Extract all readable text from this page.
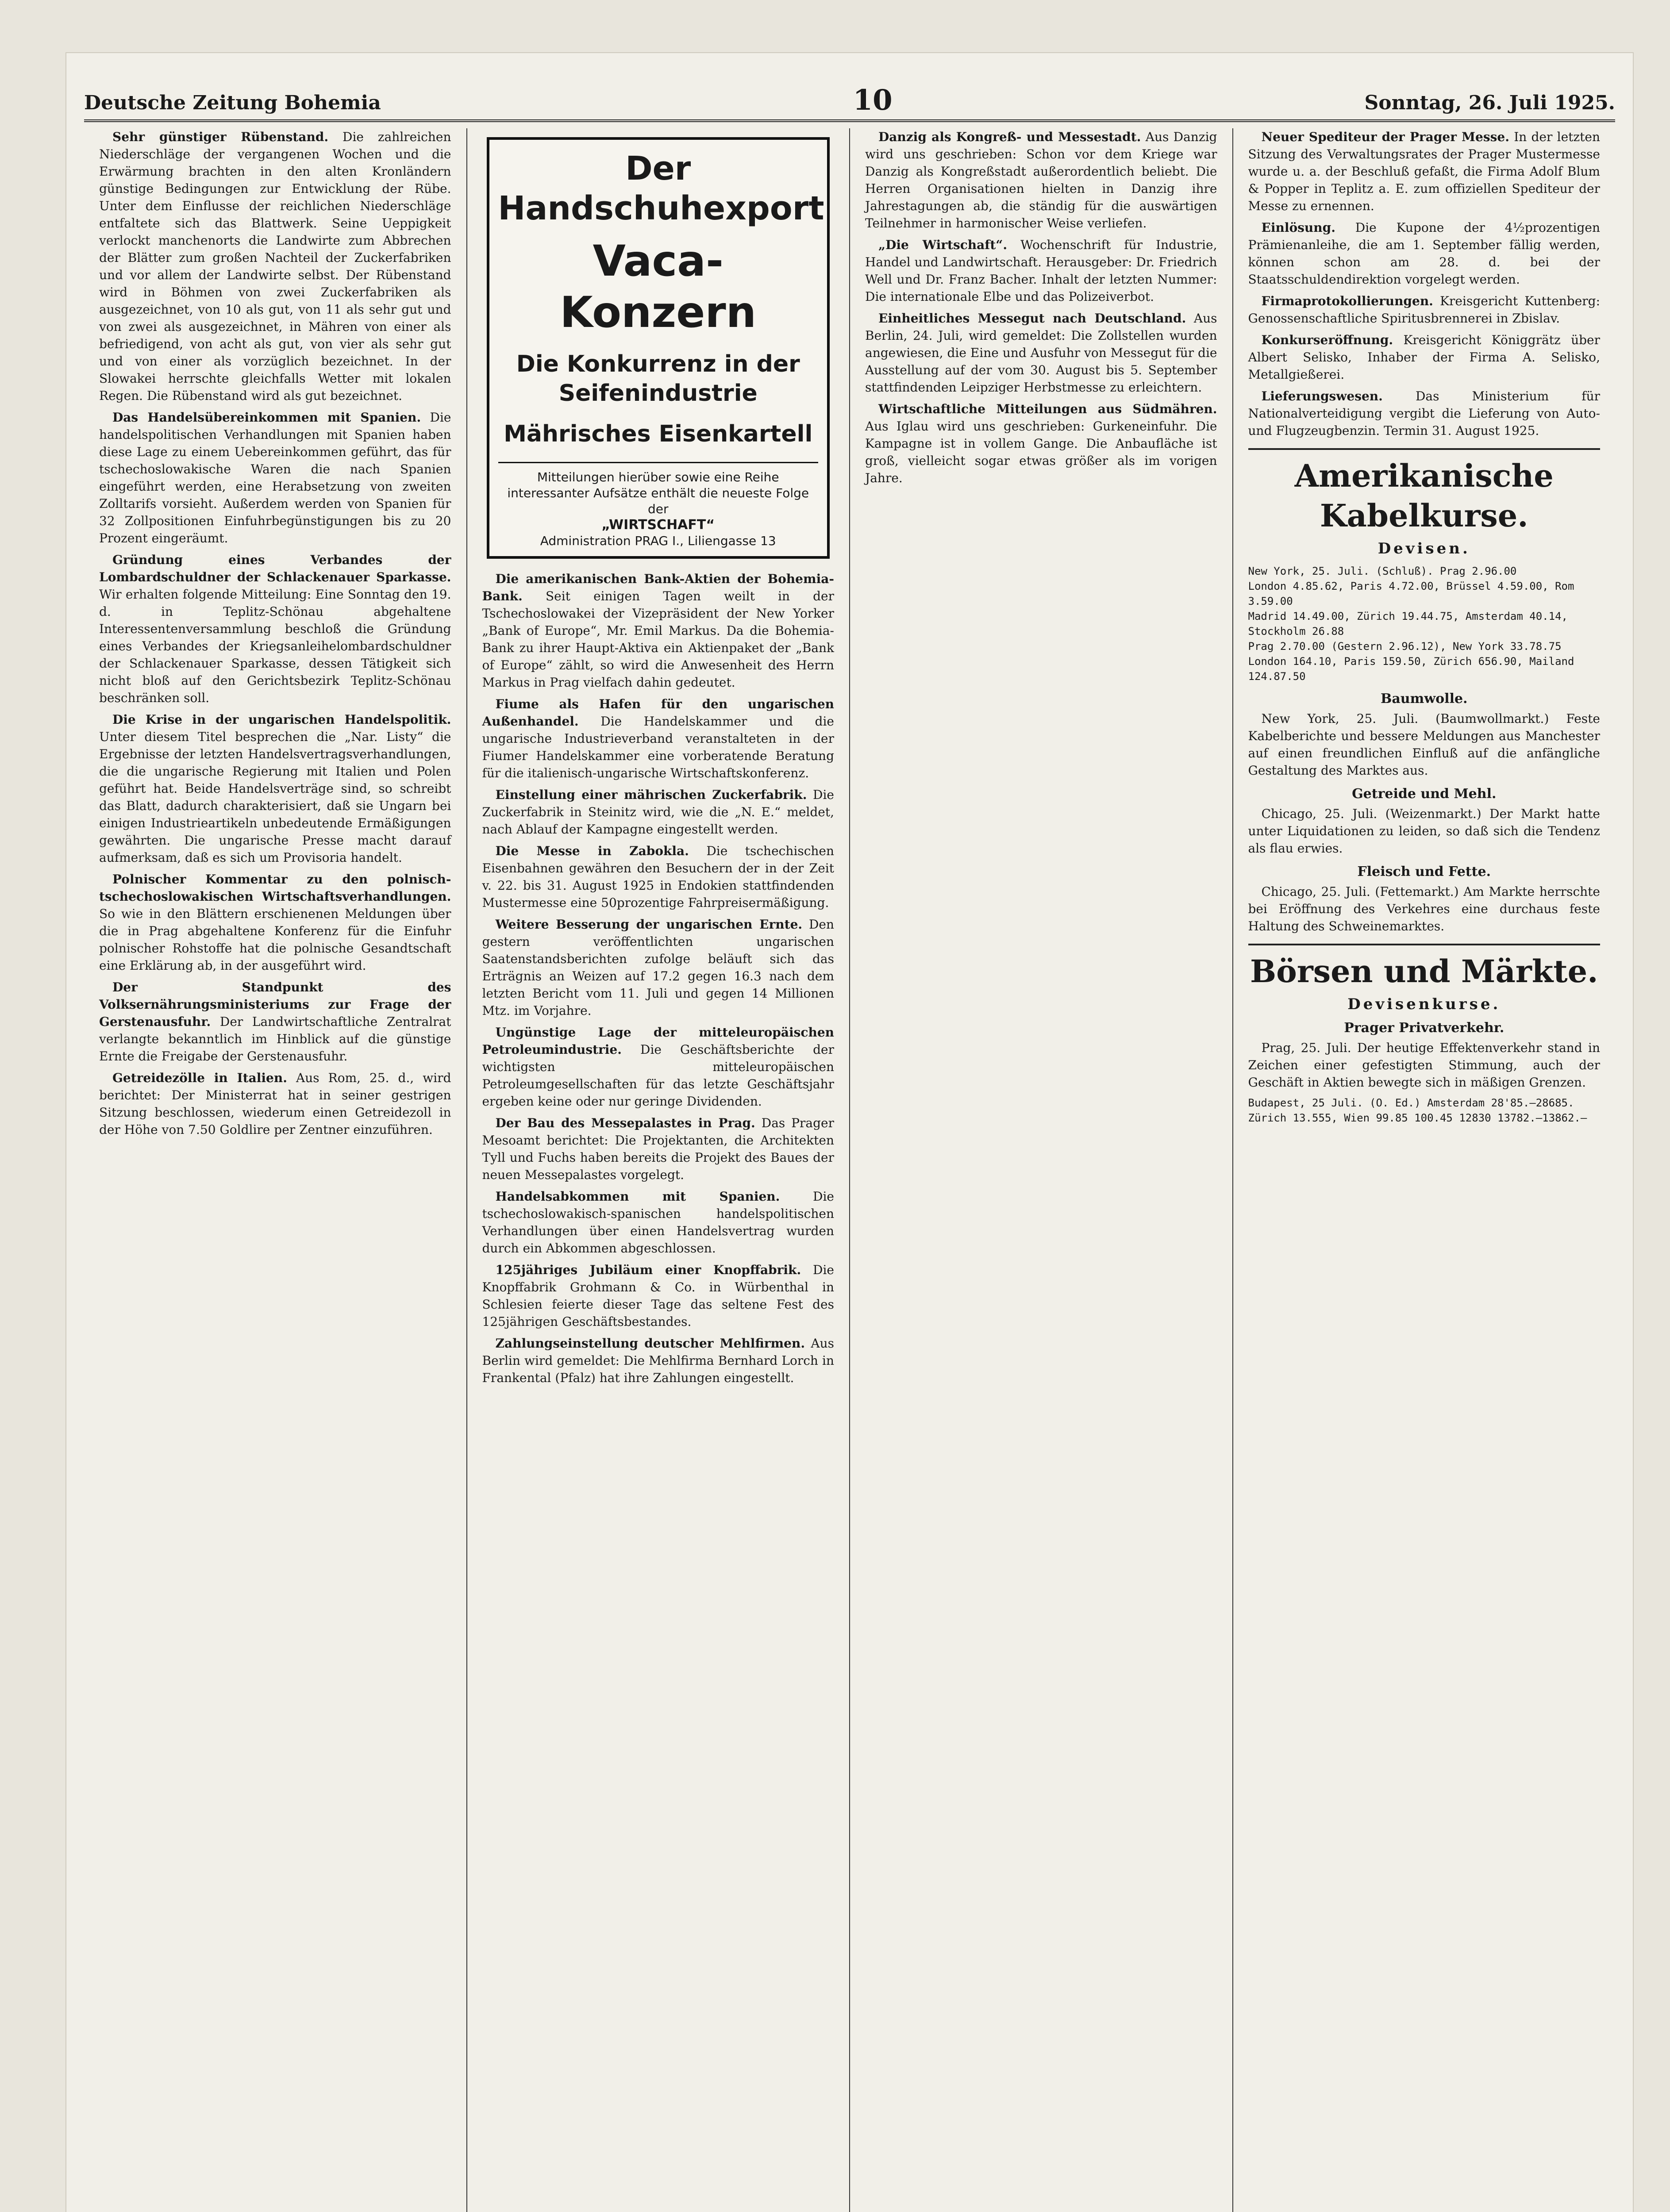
Deutsche Zeitung Bohemia	10	Sonntag, 26. Juli 1925.

Sehr günstiger Rübenstand. Die zahlreichen Niederschläge der vergangenen Wochen und die Erwärmung brachten in den alten Kronländern günstige Bedingungen zur Entwicklung der Rübe. Unter dem Einflusse der reichlichen Niederschläge entfaltete sich das Blattwerk. Seine Ueppigkeit verlockt manchenorts die Landwirte zum Abbrechen der Blätter zum großen Nachteil der Zuckerfabriken und vor allem der Landwirte selbst. Der Rübenstand wird in Böhmen von zwei Zuckerfabriken als ausgezeichnet, von 10 als gut, von 11 als sehr gut und von zwei als ausgezeichnet, in Mähren von einer als befriedigend, von acht als gut, von vier als sehr gut und von einer als vorzüglich bezeichnet. In der Slowakei herrschte gleichfalls Wetter mit lokalen Regen. Die Rübenstand wird als gut bezeichnet.

Das Handelsübereinkommen mit Spanien. Die handelspolitischen Verhandlungen mit Spanien haben diese Lage zu einem Uebereinkommen geführt, das für tschechoslowakische Waren die nach Spanien eingeführt werden, eine Herabsetzung von zweiten Zolltarifs vorsieht. Außerdem werden von Spanien für 32 Zollpositionen Einfuhrbegünstigungen bis zu 20 Prozent eingeräumt.

Gründung eines Verbandes der Lombardschuldner der Schlackenauer Sparkasse. Wir erhalten folgende Mitteilung: Eine Sonntag den 19. d. in Teplitz-Schönau abgehaltene Interessentenversammlung beschloß die Gründung eines Verbandes der Kriegsanleihelombardschuldner der Schlackenauer Sparkasse, dessen Tätigkeit sich nicht bloß auf den Gerichtsbezirk Teplitz-Schönau beschränken soll.

Die Krise in der ungarischen Handelspolitik. Unter diesem Titel besprechen die „Nar. Listy“ die Ergebnisse der letzten Handelsvertragsverhandlungen, die die ungarische Regierung mit Italien und Polen geführt hat. Beide Handelsverträge sind, so schreibt das Blatt, dadurch charakterisiert, daß sie Ungarn bei einigen Industrieartikeln unbedeutende Ermäßigungen gewährten. Die ungarische Presse macht darauf aufmerksam, daß es sich um Provisoria handelt.

Polnischer Kommentar zu den polnisch-tschechoslowakischen Wirtschaftsverhandlungen. So wie in den Blättern erschienenen Meldungen über die in Prag abgehaltene Konferenz für die Einfuhr polnischer Rohstoffe hat die polnische Gesandtschaft eine Erklärung ab, in der ausgeführt wird.

Der Standpunkt des Volksernährungsministeriums zur Frage der Gerstenausfuhr. Der Landwirtschaftliche Zentralrat verlangte bekanntlich im Hinblick auf die günstige Ernte die Freigabe der Gerstenausfuhr.

Getreidezölle in Italien. Aus Rom, 25. d., wird berichtet: Der Ministerrat hat in seiner gestrigen Sitzung beschlossen, wiederum einen Getreidezoll in der Höhe von 7.50 Goldlire per Zentner einzuführen.

Der Handschuhexport
Vaca-Konzern
Die Konkurrenz in der Seifenindustrie
Mährisches Eisenkartell
Mitteilungen hierüber sowie eine Reihe interessanter Aufsätze enthält die neueste Folge der
„WIRTSCHAFT“
Administration PRAG I., Liliengasse 13

Die amerikanischen Bank-Aktien der Bohemia-Bank. Seit einigen Tagen weilt in der Tschechoslowakei der Vizepräsident der New Yorker „Bank of Europe“, Mr. Emil Markus. Da die Bohemia-Bank zu ihrer Haupt-Aktiva ein Aktienpaket der „Bank of Europe“ zählt, so wird die Anwesenheit des Herrn Markus in Prag vielfach dahin gedeutet.

Fiume als Hafen für den ungarischen Außenhandel. Die Handelskammer und die ungarische Industrieverband veranstalteten in der Fiumer Handelskammer eine vorberatende Beratung für die italienisch-ungarische Wirtschaftskonferenz.

Einstellung einer mährischen Zuckerfabrik. Die Zuckerfabrik in Steinitz wird, wie die „N. E.“ meldet, nach Ablauf der Kampagne eingestellt werden.

Die Messe in Zabokla. Die tschechischen Eisenbahnen gewähren den Besuchern der in der Zeit v. 22. bis 31. August 1925 in Endokien stattfindenden Mustermesse eine 50prozentige Fahrpreisermäßigung.

Weitere Besserung der ungarischen Ernte. Den gestern veröffentlichten ungarischen Saatenstandsberichten zufolge beläuft sich das Erträgnis an Weizen auf 17.2 gegen 16.3 nach dem letzten Bericht vom 11. Juli und gegen 14 Millionen Mtz. im Vorjahre.

Ungünstige Lage der mitteleuropäischen Petroleumindustrie. Die Geschäftsberichte der wichtigsten mitteleuropäischen Petroleumgesellschaften für das letzte Geschäftsjahr ergeben keine oder nur geringe Dividenden.

Der Bau des Messepalastes in Prag. Das Prager Mesoamt berichtet: Die Projektanten, die Architekten Tyll und Fuchs haben bereits die Projekt des Baues der neuen Messepalastes vorgelegt.

Handelsabkommen mit Spanien.	Die tschechoslowakisch-spanischen handelspolitischen Verhandlungen über einen Handelsvertrag wurden durch ein Abkommen abgeschlossen.

125jähriges Jubiläum einer Knopffabrik. Die Knopffabrik Grohmann & Co. in Würbenthal in Schlesien feierte dieser Tage das seltene Fest des 125jährigen Geschäftsbestandes.

Zahlungseinstellung deutscher Mehlfirmen. Aus Berlin wird gemeldet: Die Mehlfirma Bernhard Lorch in Frankental (Pfalz) hat ihre Zahlungen eingestellt.

Danzig als Kongreß- und Messestadt. Aus Danzig wird uns geschrieben: Schon vor dem Kriege war Danzig als Kongreßstadt außerordentlich beliebt. Die Herren Organisationen hielten in Danzig ihre Jahrestagungen ab, die ständig für die auswärtigen Teilnehmer in harmonischer Weise verliefen.

„Die Wirtschaft“. Wochenschrift für Industrie, Handel und Landwirtschaft. Herausgeber: Dr. Friedrich Well und Dr. Franz Bacher. Inhalt der letzten Nummer: Die internationale Elbe und das Polizeiverbot.

Einheitliches Messegut nach Deutschland. Aus Berlin, 24. Juli, wird gemeldet: Die Zollstellen wurden angewiesen, die Eine und Ausfuhr von Messegut für die Ausstellung auf der vom 30. August bis 5. September stattfindenden Leipziger Herbstmesse zu erleichtern.

Wirtschaftliche Mitteilungen aus Südmähren. Aus Iglau wird uns geschrieben: Gurkeneinfuhr. Die Kampagne ist in vollem Gange. Die Anbaufläche ist groß, vielleicht sogar etwas größer als im vorigen Jahre.

Neuer Spediteur der Prager Messe. In der letzten Sitzung des Verwaltungsrates der Prager Mustermesse wurde u. a. der Beschluß gefaßt, die Firma Adolf Blum & Popper in Teplitz a. E. zum offiziellen Spediteur der Messe zu ernennen.

Einlösung. Die Kupone der 4½prozentigen Prämienanleihe, die am 1. September fällig werden, können schon am 28. d. bei der Staatsschuldendirektion vorgelegt werden.

Firmaprotokollierungen. Kreisgericht Kuttenberg: Genossenschaftliche Spiritusbrennerei in Zbislav.

Konkurseröffnung. Kreisgericht Königgrätz über Albert Selisko, Inhaber der Firma A. Selisko, Metallgießerei.

Lieferungswesen.	Das Ministerium für Nationalverteidigung vergibt die Lieferung von Auto- und Flugzeugbenzin. Termin 31. August 1925.

Amerikanische Kabelkurse.
Devisen.
New York, 25. Juli. (Schluß). Prag 2.96.00
London 4.85.62, Paris 4.72.00, Brüssel 4.59.00, Rom 3.59.00
Madrid 14.49.00, Zürich 19.44.75, Amsterdam 40.14, Stockholm 26.88
Prag 2.70.00 (Gestern 2.96.12), New York 33.78.75
London 164.10, Paris 159.50, Zürich 656.90, Mailand 124.87.50
Baumwolle.

New York, 25. Juli. (Baumwollmarkt.) Feste Kabelberichte und bessere Meldungen aus Manchester auf einen freundlichen Einfluß auf die anfängliche Gestaltung des Marktes aus.

Getreide und Mehl.

Chicago, 25. Juli. (Weizenmarkt.) Der Markt hatte unter Liquidationen zu leiden, so daß sich die Tendenz als flau erwies.

Fleisch und Fette.

Chicago, 25. Juli. (Fettemarkt.) Am Markte herrschte bei Eröffnung des Verkehres eine durchaus feste Haltung des Schweinemarktes.

Börsen und Märkte.
Devisenkurse.
Prager Privatverkehr.

Prag, 25. Juli. Der heutige Effektenverkehr stand in Zeichen einer gefestigten Stimmung, auch der Geschäft in Aktien bewegte sich in mäßigen Grenzen.

Budapest, 25 Juli. (O. Ed.) Amsterdam 28'85.—28685.
Zürich 13.555, Wien 99.85 100.45 12830 13782.—13862.—
